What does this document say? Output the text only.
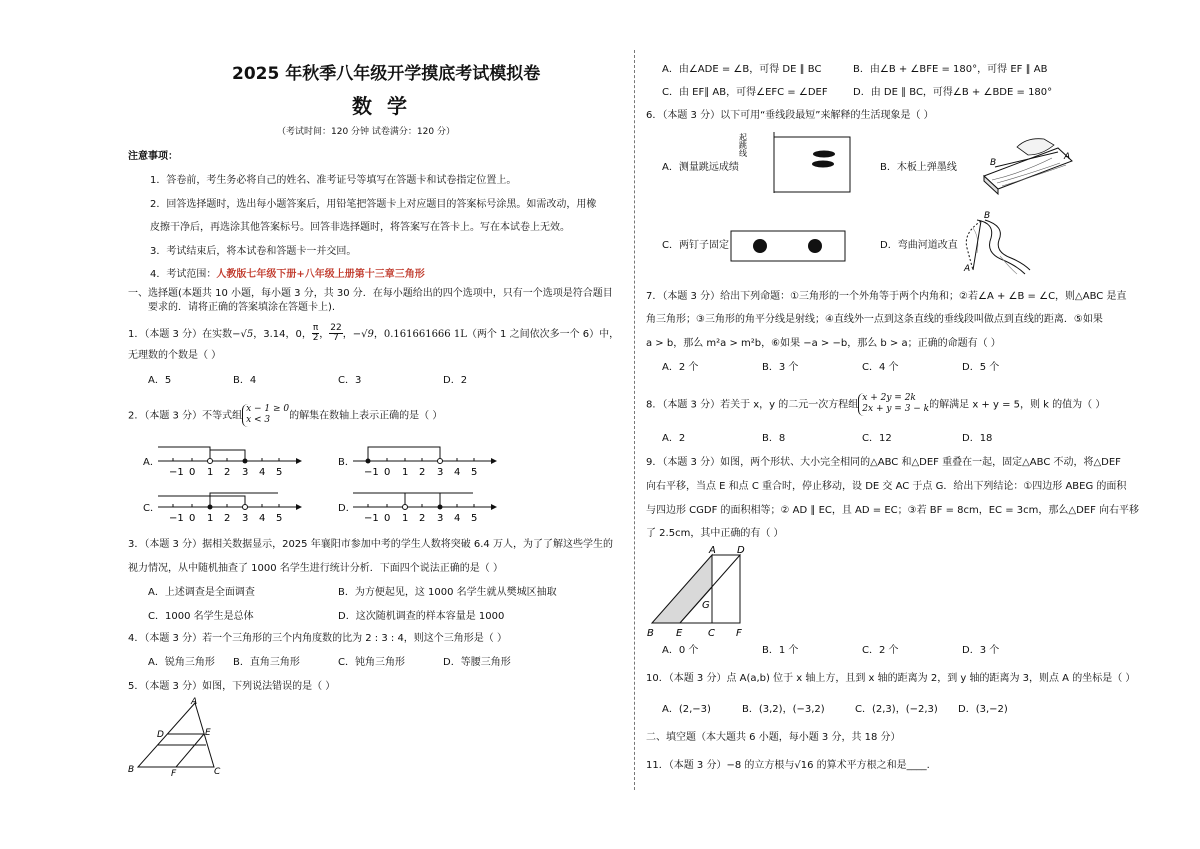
2025 年秋季八年级开学摸底考试模拟卷
数 学
（考试时间：120 分钟 试卷满分：120 分）
注意事项：
1．答卷前，考生务必将自己的姓名、准考证号等填写在答题卡和试卷指定位置上。
2．回答选择题时，选出每小题答案后，用铅笔把答题卡上对应题目的答案标号涂黑。如需改动，用橡
皮擦干净后，再选涂其他答案标号。回答非选择题时，将答案写在答卡上。写在本试卷上无效。
3．考试结束后，将本试卷和答题卡一并交回。
4．考试范围：人教版七年级下册+八年级上册第十三章三角形
一、选择题(本题共 10 小题，每小题 3 分，共 30 分．在每小题给出的四个选项中，只有一个选项是符合题目
要求的．请将正确的答案填涂在答题卡上).
1．（本题 3 分）在实数−√5，3.14，0， $\frac{\pi}{2}$ ， $\frac{22}{7}$ ，−√9，0.161661666 1L（两个 1 之间依次多一个 6）中，
无理数的个数是（ ）
A．5	B．4	C．3	D．2
2．（本题 3 分）不等式组
x − 1 ≥ 0
x < 3	的解集在数轴上表示正确的是（ ）
A．
−1 0 1 2 3 4 5
B．
−1 0 1 2 3 4 5
C．
−1 0 1 2 3 4 5
D．
−1 0 1 2 3 4 5
3．（本题 3 分）据相关数据显示，2025 年襄阳市参加中考的学生人数将突破 6.4 万人，为了了解这些学生的
视力情况，从中随机抽查了 1000 名学生进行统计分析．下面四个说法正确的是（ ）
A．上述调查是全面调查	B．为方便起见，这 1000 名学生就从樊城区抽取
C．1000 名学生是总体	D．这次随机调查的样本容量是 1000
4．（本题 3 分）若一个三角形的三个内角度数的比为 2 : 3 : 4，则这个三角形是（ ）
A．锐角三角形 B．直角三角形	C．钝角三角形	D．等腰三角形
5．（本题 3 分）如图，下列说法错误的是（ ）
A
D	E
B	F	C
A．由∠ADE = ∠B，可得 DE ∥ BC	B．由∠B + ∠BFE = 180°，可得 EF ∥ AB
C．由 EF∥ AB，可得∠EFC = ∠DEF	D．由 DE ∥ BC，可得∠B + ∠BDE = 180°
6．（本题 3 分）以下可用“垂线段最短”来解释的生活现象是（ ）
A．测量跳远成绩
起跳线
B．木板上弹墨线	B
A
C．两钉子固定	D．弯曲河道改直
B
A
7．（本题 3 分）给出下列命题：①三角形的一个外角等于两个内角和；②若∠A + ∠B = ∠C，则△ABC 是直
角三角形；③三角形的角平分线是射线；④直线外一点到这条直线的垂线段叫做点到直线的距离．⑤如果
a > b，那么 m²a > m²b，⑥如果 −a > −b，那么 b > a；正确的命题有（ ）
A．2 个	B．3 个	C．4 个	D．5 个
8．（本题 3 分）若关于 x，y 的二元一次方程组
x + 2y = 2k
2x + y = 3 − k 的解满足 x + y = 5，则 k 的值为（ ）
A．2	B．8	C．12	D．18
9．（本题 3 分）如图，两个形状、大小完全相同的△ABC 和△DEF 重叠在一起，固定△ABC 不动，将△DEF
向右平移，当点 E 和点 C 重合时，停止移动，设 DE 交 AC 于点 G．给出下列结论：①四边形 ABEG 的面积
与四边形 CGDF 的面积相等；② AD ∥ EC，且 AD = EC；③若 BF = 8cm，EC = 3cm，那么△DEF 向右平移
了 2.5cm，其中正确的有（ ）
A D
G
B E	C F
A．0 个	B．1 个	C．2 个	D．3 个
10．（本题 3 分）点 A(a,b) 位于 x 轴上方，且到 x 轴的距离为 2，到 y 轴的距离为 3，则点 A 的坐标是（ ）
A．(2,−3)	B．(3,2)，(−3,2)	C．(2,3)，(−2,3) D．(3,−2)
二、填空题（本大题共 6 小题，每小题 3 分，共 18 分）
11．（本题 3 分）−8 的立方根与√16 的算术平方根之和是____.
